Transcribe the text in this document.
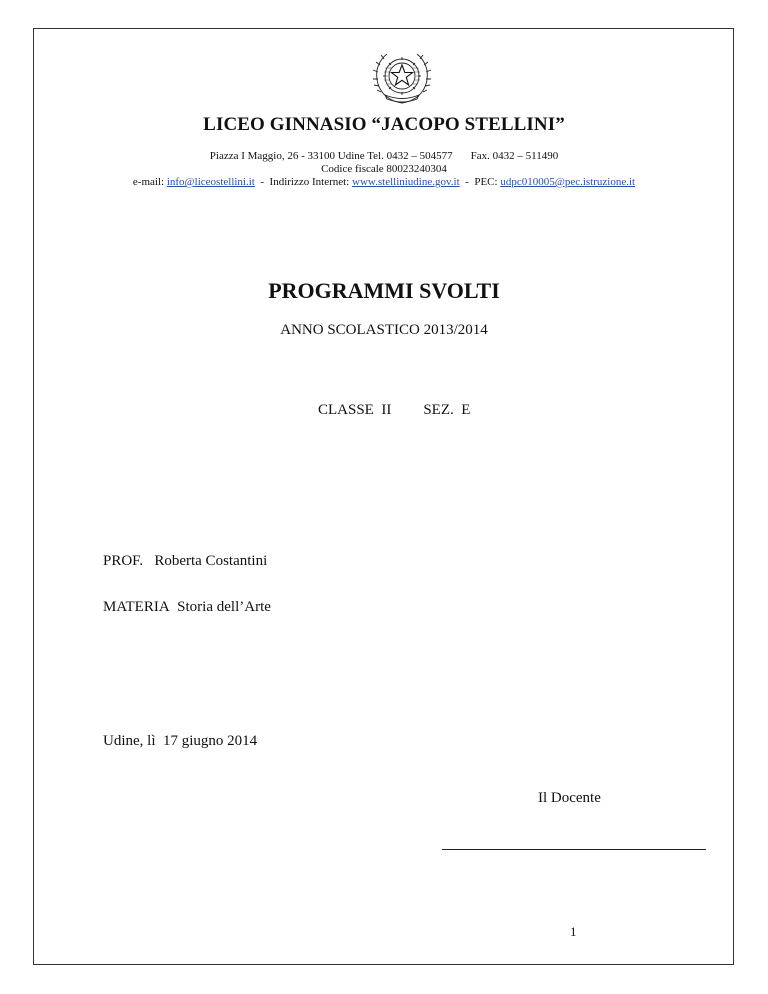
LICEO GINNASIO “JACOPO STELLINI”
Piazza I Maggio, 26 - 33100 Udine Tel. 0432 – 504577 Fax. 0432 – 511490
Codice fiscale 80023240304
e-mail: info@liceostellini.it - Indirizzo Internet: www.stelliniudine.gov.it - PEC: udpc010005@pec.istruzione.it
PROGRAMMI SVOLTI
ANNO SCOLASTICO 2013/2014
CLASSE  II SEZ.  E
PROF. Roberta Costantini
MATERIA Storia dell’Arte
Udine, lì  17 giugno 2014
Il Docente
1
